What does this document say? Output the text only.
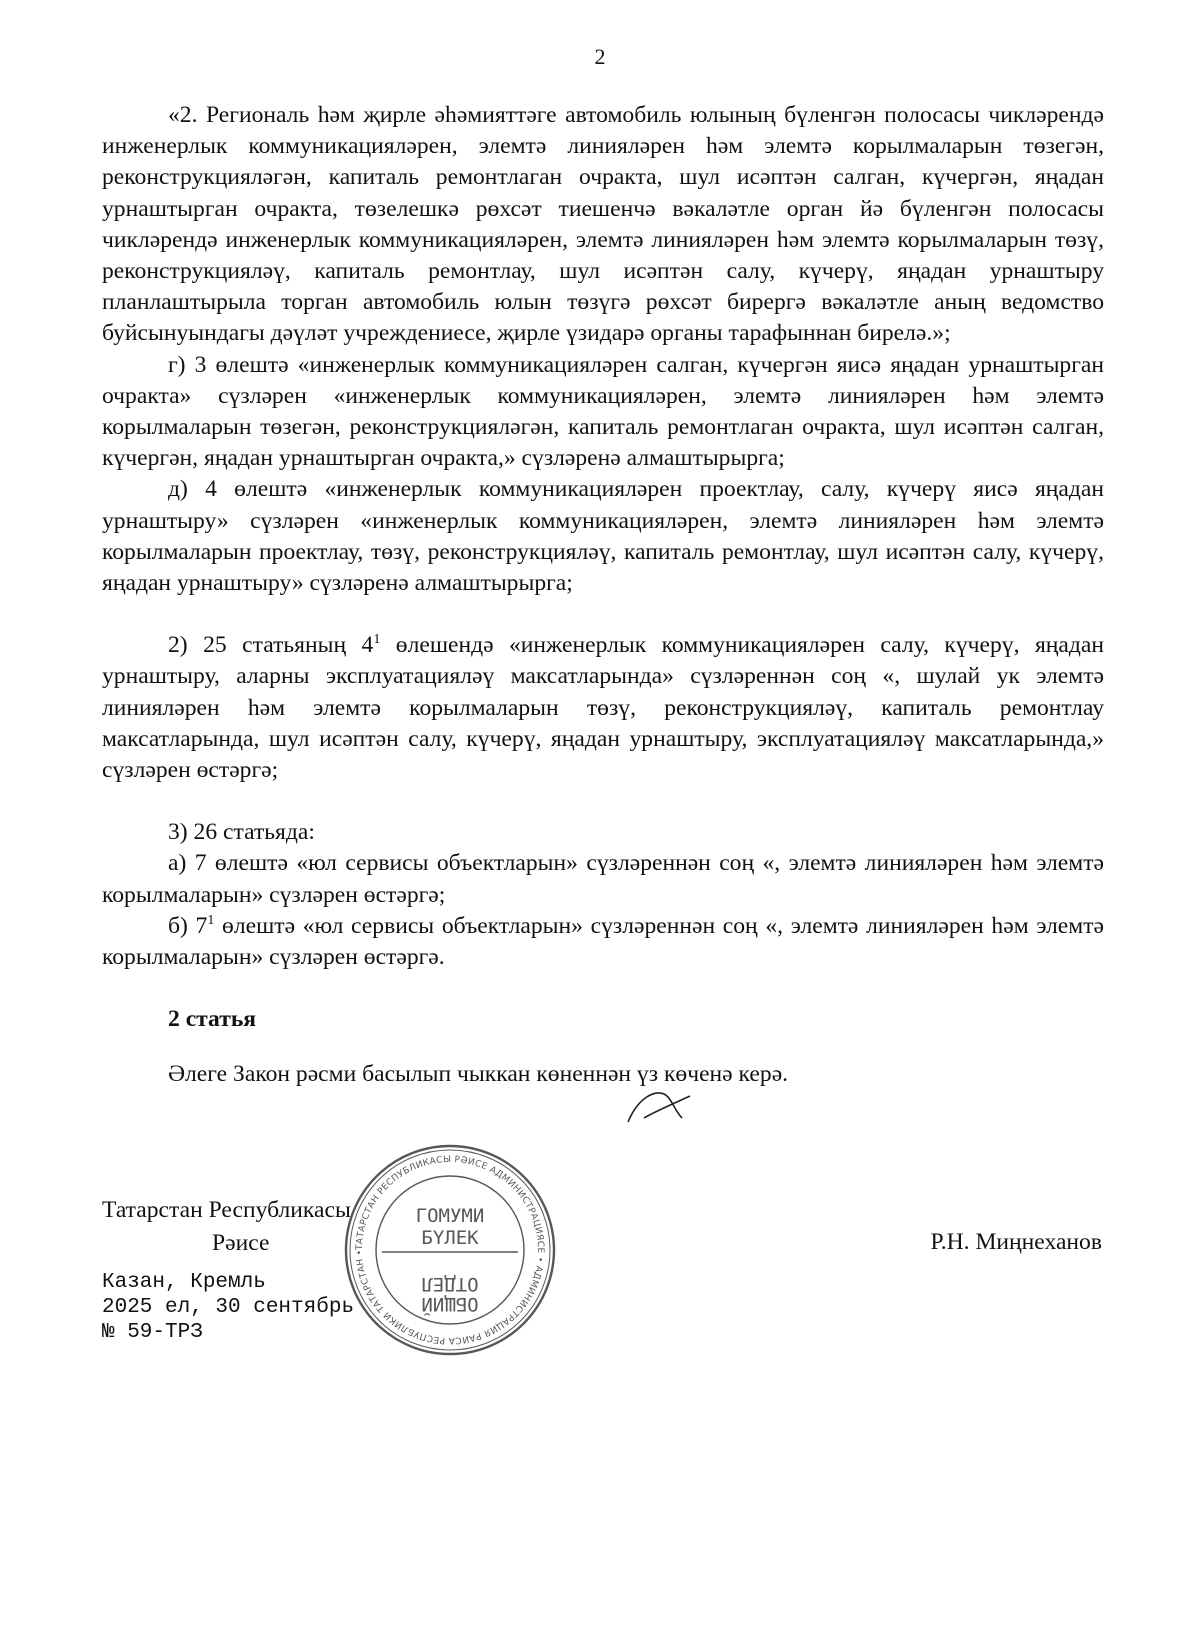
2

«2. Региональ һәм җирле әһәмияттәге автомобиль юлының бүленгән полосасы чикләрендә инженерлык коммуникацияләрен, элемтә линияләрен һәм элемтә корылмаларын төзегән, реконструкцияләгән, капиталь ремонтлаган очракта, шул исәптән салган, күчергән, яңадан урнаштырган очракта, төзелешкә рөхсәт тиешенчә вәкаләтле орган йә бүленгән полосасы чикләрендә инженерлык коммуникацияләрен, элемтә линияләрен һәм элемтә корылмаларын төзү, реконструкцияләү, капиталь ремонтлау, шул исәптән салу, күчерү, яңадан урнаштыру планлаштырыла торган автомобиль юлын төзүгә рөхсәт бирергә вәкаләтле аның ведомство буйсынуындагы дәүләт учреждениесе, җирле үзидарә органы тарафыннан бирелә.»;

г) 3 өлештә «инженерлык коммуникацияләрен салган, күчергән яисә яңадан урнаштырган очракта» сүзләрен «инженерлык коммуникацияләрен, элемтә линияләрен һәм элемтә корылмаларын төзегән, реконструкцияләгән, капиталь ремонтлаган очракта, шул исәптән салган, күчергән, яңадан урнаштырган очракта,» сүзләренә алмаштырырга;

д) 4 өлештә «инженерлык коммуникацияләрен проектлау, салу, күчерү яисә яңадан урнаштыру» сүзләрен «инженерлык коммуникацияләрен, элемтә линияләрен һәм элемтә корылмаларын проектлау, төзү, реконструкцияләү, капиталь ремонтлау, шул исәптән салу, күчерү, яңадан урнаштыру» сүзләренә алмаштырырга;

2) 25 статьяның $4^1$ өлешендә «инженерлык коммуникацияләрен салу, күчерү, яңадан урнаштыру, аларны эксплуатацияләү максатларында» сүзләреннән соң «, шулай ук элемтә линияләрен һәм элемтә корылмаларын төзү, реконструкцияләү, капиталь ремонтлау максатларында, шул исәптән салу, күчерү, яңадан урнаштыру, эксплуатацияләү максатларында,» сүзләрен өстәргә;

3) 26 статьяда:

а) 7 өлештә «юл сервисы объектларын» сүзләреннән соң «, элемтә линияләрен һәм элемтә корылмаларын» сүзләрен өстәргә;

б) $7^1$ өлештә «юл сервисы объектларын» сүзләреннән соң «, элемтә линияләрен һәм элемтә корылмаларын» сүзләрен өстәргә.

2 статья

Әлеге Закон рәсми басылып чыккан көненнән үз көченә керә.

Татарстан Республикасы
Рәисе	Р.Н. Миңнеханов
Казан, Кремль
2025 ел, 30 сентябрь
№ 59-ТРЗ
ТАТАРСТАН РЕСПУБЛИКАСЫ РӘИСЕ АДМИНИСТРАЦИЯСЕ • АДМИНИСТРАЦИЯ РАИСА РЕСПУБЛИКИ ТАТАРСТАН •
ГОМУМИ
БҮЛЕК
ОТДЕЛ
ОБЩИЙ
